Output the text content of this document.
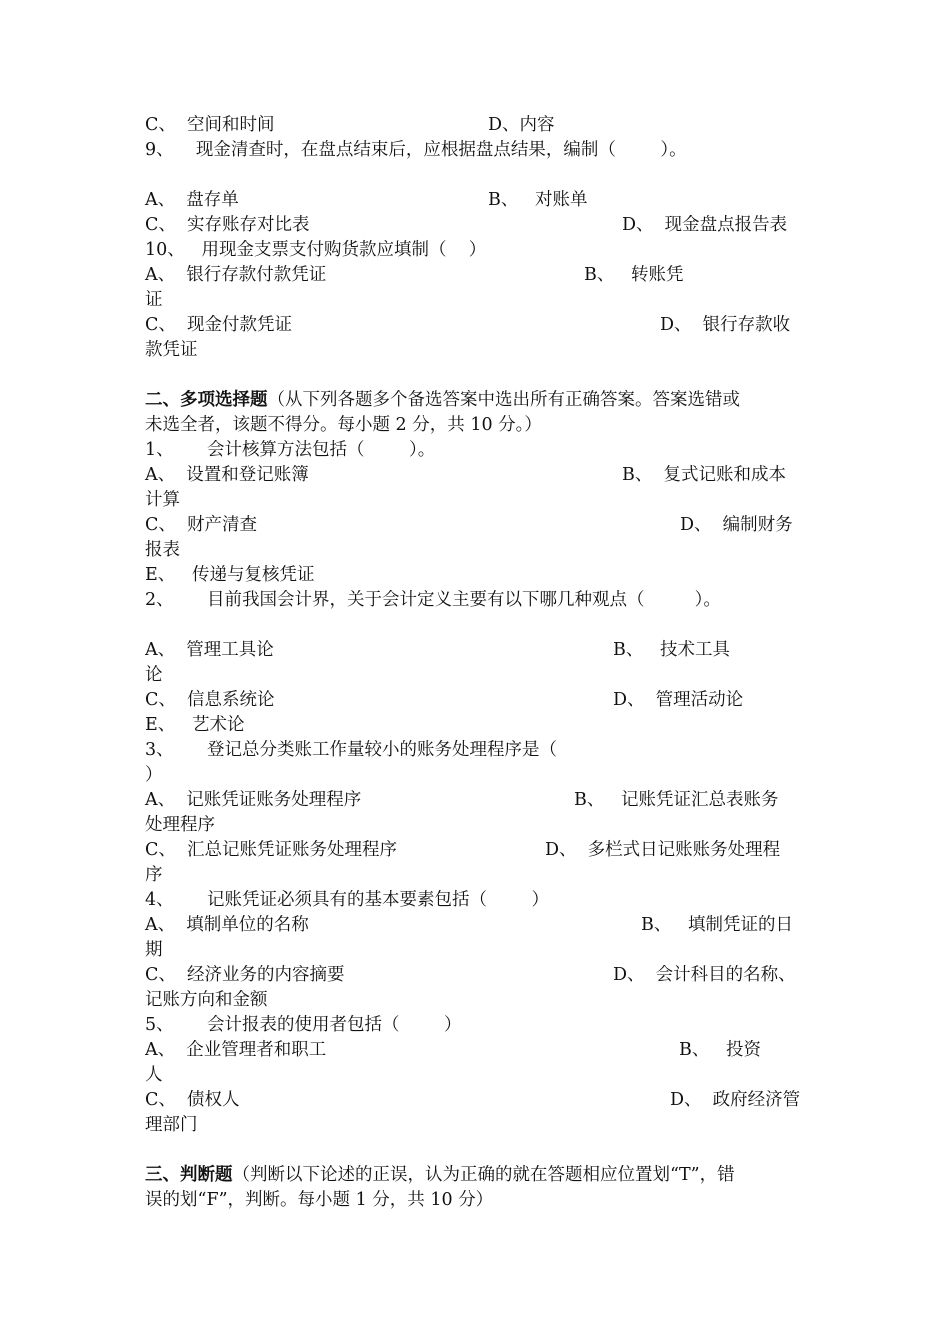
C、  空间和时间	D、内容
9、    现金清查时，在盘点结束后，应根据盘点结果，编制（        ）。
A、  盘存单	B、   对账单
C、  实存账存对比表	D、  现金盘点报告表
10、   用现金支票支付购货款应填制（    ）
A、  银行存款付款凭证	B、   转账凭
证
C、  现金付款凭证	D、  银行存款收
款凭证
二、多项选择题（从下列各题多个备选答案中选出所有正确答案。答案选错或
未选全者，该题不得分。每小题 2 分，共 10 分。）
1、      会计核算方法包括（        ）。
A、  设置和登记账簿	B、  复式记账和成本
计算
C、  财产清查	D、  编制财务
报表
E、   传递与复核凭证
2、      目前我国会计界，关于会计定义主要有以下哪几种观点（         ）。
A、  管理工具论	B、   技术工具
论
C、  信息系统论	D、  管理活动论
E、   艺术论
3、      登记总分类账工作量较小的账务处理程序是（
）
A、  记账凭证账务处理程序	B、   记账凭证汇总表账务
处理程序
C、  汇总记账凭证账务处理程序	D、  多栏式日记账账务处理程
序
4、      记账凭证必须具有的基本要素包括（        ）
A、  填制单位的名称	B、   填制凭证的日
期
C、  经济业务的内容摘要	D、  会计科目的名称、
记账方向和金额
5、      会计报表的使用者包括（        ）
A、  企业管理者和职工	B、   投资
人
C、  债权人	D、  政府经济管
理部门
三、判断题（判断以下论述的正误，认为正确的就在答题相应位置划“T”，错
误的划“F”，判断。每小题 1 分，共 10 分）
